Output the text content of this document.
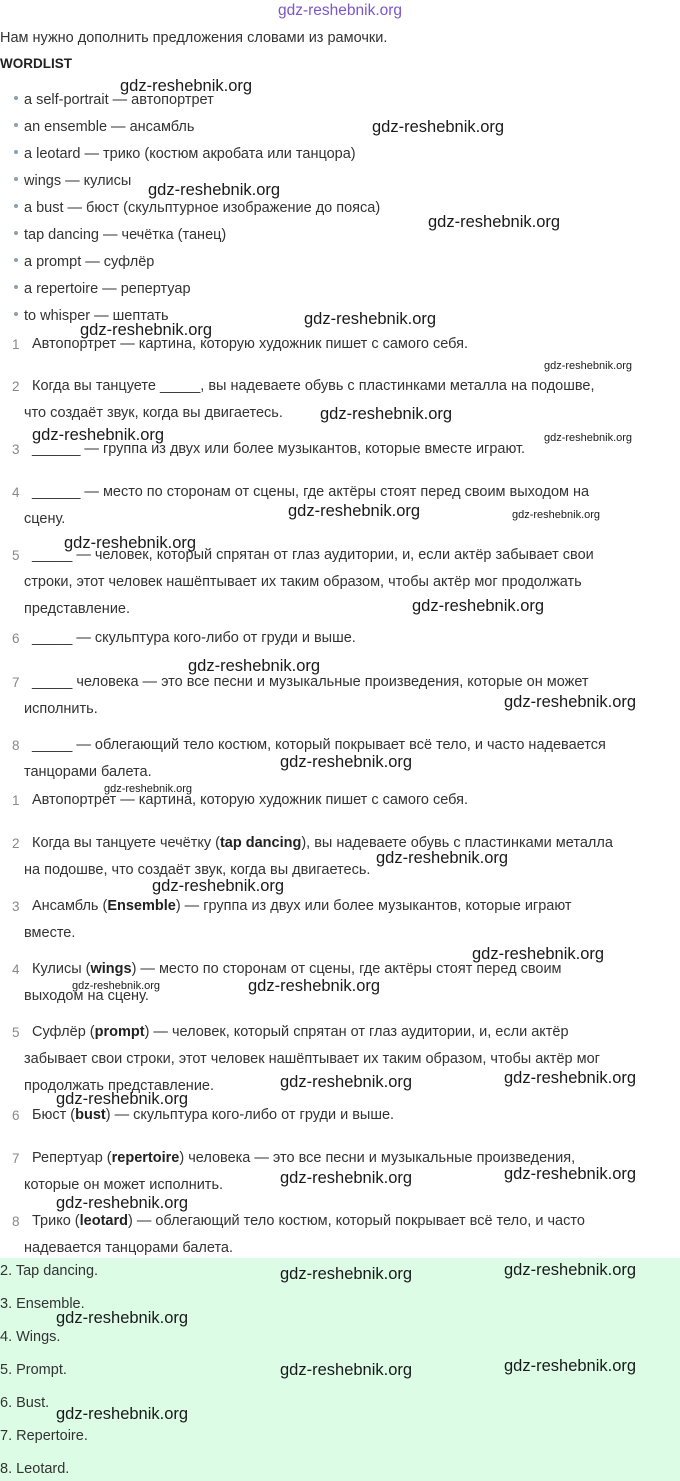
gdz-reshebnik.org
Нам нужно дополнить предложения словами из рамочки.
WORDLIST
a self-portrait — автопортрет
an ensemble — ансамбль
a leotard — трико (костюм акробата или танцора)
wings — кулисы
a bust — бюст (скульптурное изображение до пояса)
tap dancing — чечётка (танец)
a prompt — суфлёр
a repertoire — репертуар
to whisper — шептать
1 Автопортрет — картина, которую художник пишет с самого себя.
2 Когда вы танцуете _____, вы надеваете обувь с пластинками металла на подошве,
что создаёт звук, когда вы двигаетесь.
3 ______ — группа из двух или более музыкантов, которые вместе играют.
4 ______ — место по сторонам от сцены, где актёры стоят перед своим выходом на
сцену.
5 _____ — человек, который спрятан от глаз аудитории, и, если актёр забывает свои
строки, этот человек нашёптывает их таким образом, чтобы актёр мог продолжать
представление.
6 _____ — скульптура кого-либо от груди и выше.
7 _____ человека — это все песни и музыкальные произведения, которые он может
исполнить.
8 _____ — облегающий тело костюм, который покрывает всё тело, и часто надевается
танцорами балета.
1 Автопортрет — картина, которую художник пишет с самого себя.
2 Когда вы танцуете чечётку (tap dancing), вы надеваете обувь с пластинками металла
на подошве, что создаёт звук, когда вы двигаетесь.
3 Ансамбль (Ensemble) — группа из двух или более музыкантов, которые играют
вместе.
4 Кулисы (wings) — место по сторонам от сцены, где актёры стоят перед своим
выходом на сцену.
5 Суфлёр (prompt) — человек, который спрятан от глаз аудитории, и, если актёр
забывает свои строки, этот человек нашёптывает их таким образом, чтобы актёр мог
продолжать представление.
6 Бюст (bust) — скульптура кого-либо от груди и выше.
7 Репертуар (repertoire) человека — это все песни и музыкальные произведения,
которые он может исполнить.
8 Трико (leotard) — облегающий тело костюм, который покрывает всё тело, и часто
надевается танцорами балета.
2. Tap dancing.
3. Ensemble.
4. Wings.
5. Prompt.
6. Bust.
7. Repertoire.
8. Leotard.
gdz-reshebnik.org
gdz-reshebnik.org
gdz-reshebnik.org
gdz-reshebnik.org
gdz-reshebnik.org
gdz-reshebnik.org
gdz-reshebnik.org
gdz-reshebnik.org
gdz-reshebnik.org	gdz-reshebnik.org
gdz-reshebnik.org	gdz-reshebnik.org
gdz-reshebnik.org
gdz-reshebnik.org
gdz-reshebnik.org
gdz-reshebnik.org
gdz-reshebnik.org
gdz-reshebnik.org
gdz-reshebnik.org
gdz-reshebnik.org
gdz-reshebnik.org
gdz-reshebnik.org	gdz-reshebnik.org
gdz-reshebnik.org
gdz-reshebnik.org	gdz-reshebnik.org
gdz-reshebnik.org	gdz-reshebnik.org
gdz-reshebnik.org
gdz-reshebnik.org	gdz-reshebnik.org
gdz-reshebnik.org
gdz-reshebnik.org	gdz-reshebnik.org
gdz-reshebnik.org
